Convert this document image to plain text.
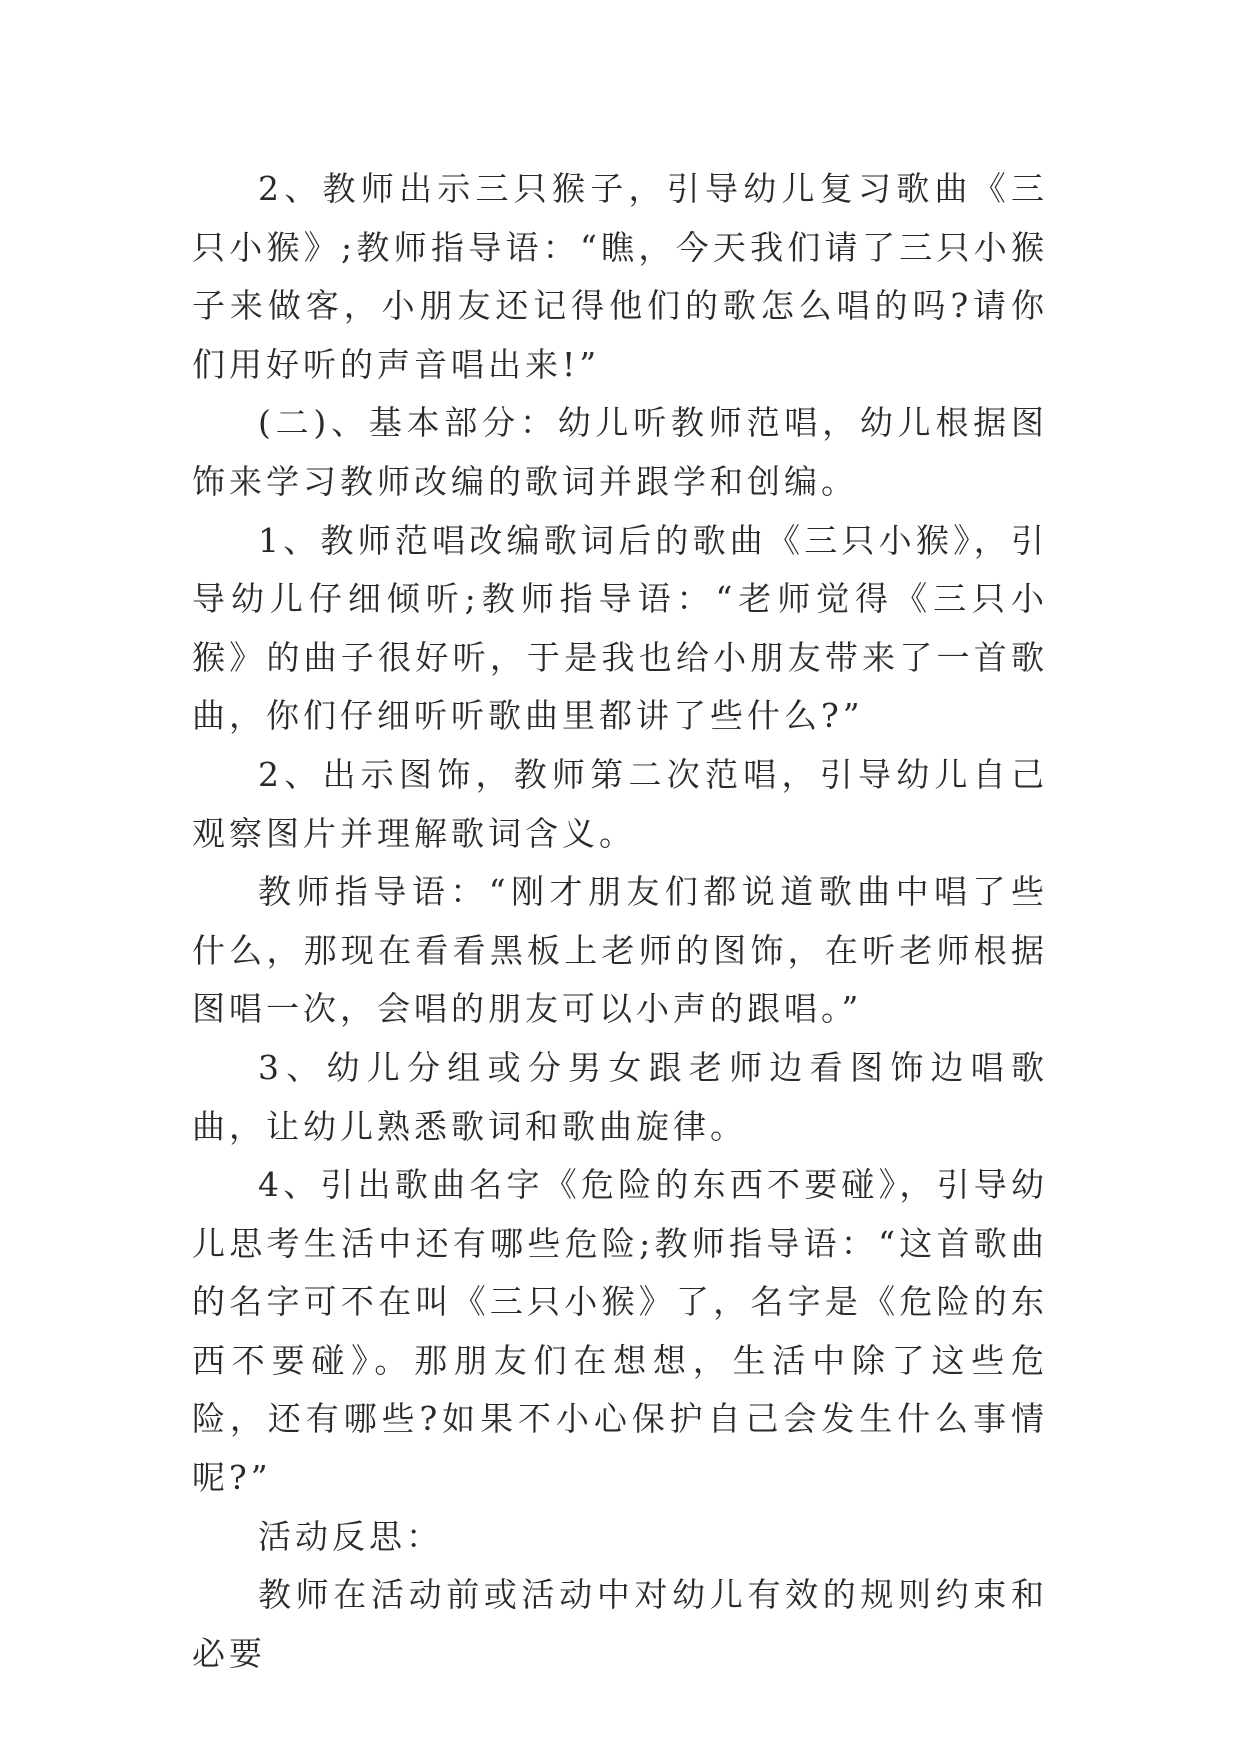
2、教师出示三只猴子，引导幼儿复习歌曲《三只小猴》;教师指导语：“瞧，今天我们请了三只小猴子来做客，小朋友还记得他们的歌怎么唱的吗?请你们用好听的声音唱出来!”

(二)、基本部分：幼儿听教师范唱，幼儿根据图饰来学习教师改编的歌词并跟学和创编。

1、教师范唱改编歌词后的歌曲《三只小猴》，引导幼儿仔细倾听;教师指导语：“老师觉得《三只小猴》的曲子很好听，于是我也给小朋友带来了一首歌曲，你们仔细听听歌曲里都讲了些什么?”

2、出示图饰，教师第二次范唱，引导幼儿自己观察图片并理解歌词含义。

教师指导语：“刚才朋友们都说道歌曲中唱了些什么，那现在看看黑板上老师的图饰，在听老师根据图唱一次，会唱的朋友可以小声的跟唱。”

3、幼儿分组或分男女跟老师边看图饰边唱歌曲，让幼儿熟悉歌词和歌曲旋律。

4、引出歌曲名字《危险的东西不要碰》，引导幼儿思考生活中还有哪些危险;教师指导语：“这首歌曲的名字可不在叫《三只小猴》了，名字是《危险的东西不要碰》。那朋友们在想想，生活中除了这些危险，还有哪些?如果不小心保护自己会发生什么事情呢?”

活动反思：

教师在活动前或活动中对幼儿有效的规则约束和必要
